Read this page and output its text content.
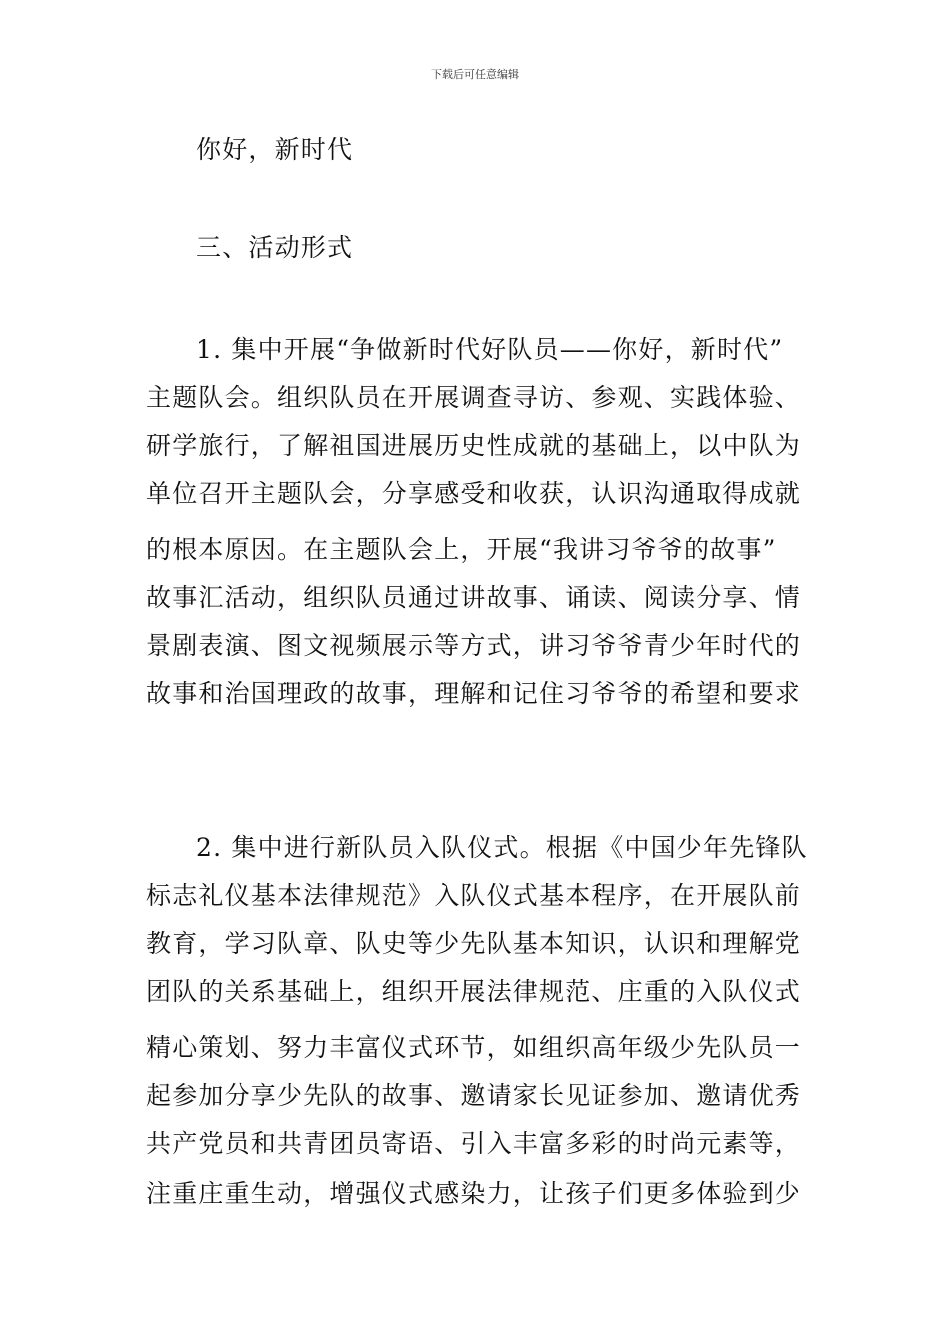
下载后可任意编辑
你好，新时代
三、活动形式
1. 集中开展“争做新时代好队员——你好，新时代”
主题队会。组织队员在开展调查寻访、参观、实践体验、
研学旅行，了解祖国进展历史性成就的基础上，以中队为
单位召开主题队会，分享感受和收获，认识沟通取得成就
的根本原因。在主题队会上，开展“我讲习爷爷的故事”
故事汇活动，组织队员通过讲故事、诵读、阅读分享、情
景剧表演、图文视频展示等方式，讲习爷爷青少年时代的
故事和治国理政的故事，理解和记住习爷爷的希望和要求
2. 集中进行新队员入队仪式。根据《中国少年先锋队
标志礼仪基本法律规范》入队仪式基本程序，在开展队前
教育，学习队章、队史等少先队基本知识，认识和理解党
团队的关系基础上，组织开展法律规范、庄重的入队仪式
精心策划、努力丰富仪式环节，如组织高年级少先队员一
起参加分享少先队的故事、邀请家长见证参加、邀请优秀
共产党员和共青团员寄语、引入丰富多彩的时尚元素等，
注重庄重生动，增强仪式感染力，让孩子们更多体验到少
